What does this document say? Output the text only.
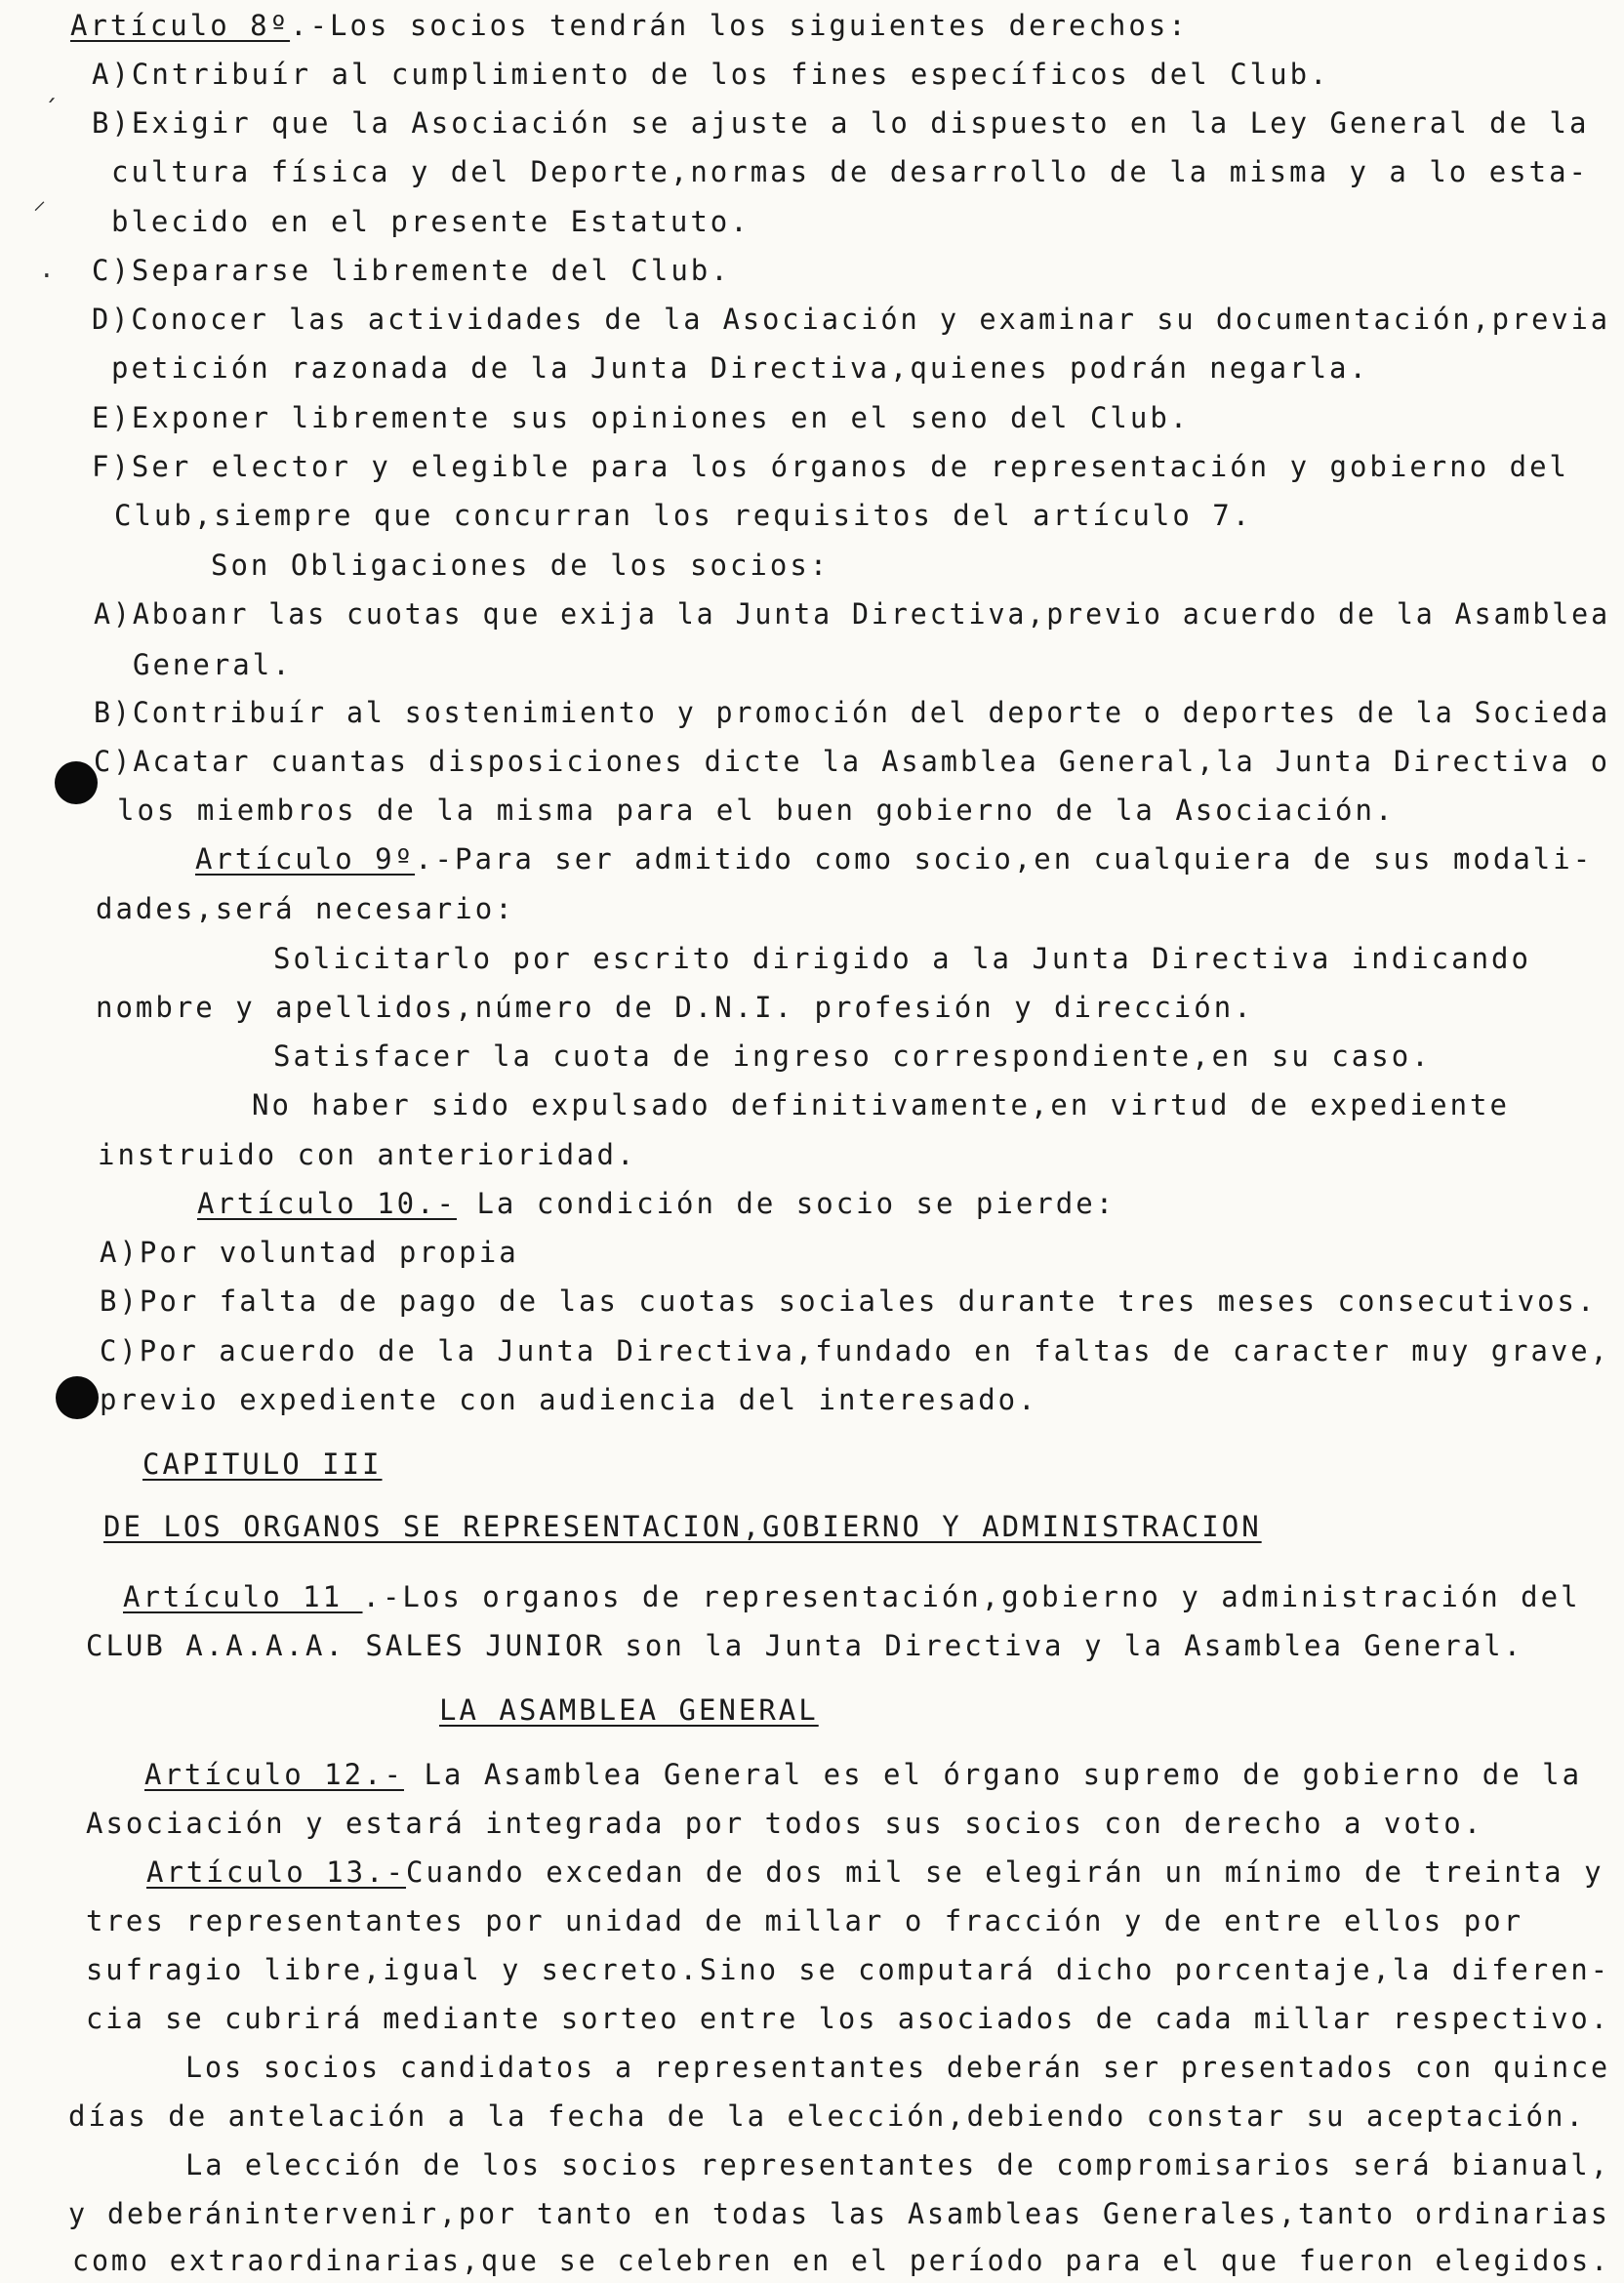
´
⸝
·
Artículo 8º.-Los socios tendrán los siguientes derechos:
A)Cntribuír al cumplimiento de los fines específicos del Club.
B)Exigir que la Asociación se ajuste a lo dispuesto en la Ley General de la
cultura física y del Deporte,normas de desarrollo de la misma y a lo esta-
blecido en el presente Estatuto.
C)Separarse libremente del Club.
D)Conocer las actividades de la Asociación y examinar su documentación,previa
petición razonada de la Junta Directiva,quienes podrán negarla.
E)Exponer libremente sus opiniones en el seno del Club.
F)Ser elector y elegible para los órganos de representación y gobierno del
Club,siempre que concurran los requisitos del artículo 7.
Son Obligaciones de los socios:
A)Aboanr las cuotas que exija la Junta Directiva,previo acuerdo de la Asamblea
General.
B)Contribuír al sostenimiento y promoción del deporte o deportes de la Socieda
C)Acatar cuantas disposiciones dicte la Asamblea General,la Junta Directiva o
los miembros de la misma para el buen gobierno de la Asociación.
Artículo 9º.-Para ser admitido como socio,en cualquiera de sus modali-
dades,será necesario:
Solicitarlo por escrito dirigido a la Junta Directiva indicando
nombre y apellidos,número de D.N.I. profesión y dirección.
Satisfacer la cuota de ingreso correspondiente,en su caso.
No haber sido expulsado definitivamente,en virtud de expediente
instruido con anterioridad.
Artículo 10.- La condición de socio se pierde:
A)Por voluntad propia
B)Por falta de pago de las cuotas sociales durante tres meses consecutivos.
C)Por acuerdo de la Junta Directiva,fundado en faltas de caracter muy grave,
previo expediente con audiencia del interesado.
CAPITULO III
DE LOS ORGANOS SE REPRESENTACION,GOBIERNO Y ADMINISTRACION
Artículo 11 .-Los organos de representación,gobierno y administración del
CLUB A.A.A.A. SALES JUNIOR son la Junta Directiva y la Asamblea General.
LA ASAMBLEA GENERAL
Artículo 12.- La Asamblea General es el órgano supremo de gobierno de la
Asociación y estará integrada por todos sus socios con derecho a voto.
Artículo 13.-Cuando excedan de dos mil se elegirán un mínimo de treinta y
tres representantes por unidad de millar o fracción y de entre ellos por
sufragio libre,igual y secreto.Sino se computará dicho porcentaje,la diferen-
cia se cubrirá mediante sorteo entre los asociados de cada millar respectivo.
Los socios candidatos a representantes deberán ser presentados con quince
días de antelación a la fecha de la elección,debiendo constar su aceptación.
La elección de los socios representantes de compromisarios será bianual,
y deberánintervenir,por tanto en todas las Asambleas Generales,tanto ordinarias
como extraordinarias,que se celebren en el período para el que fueron elegidos.
